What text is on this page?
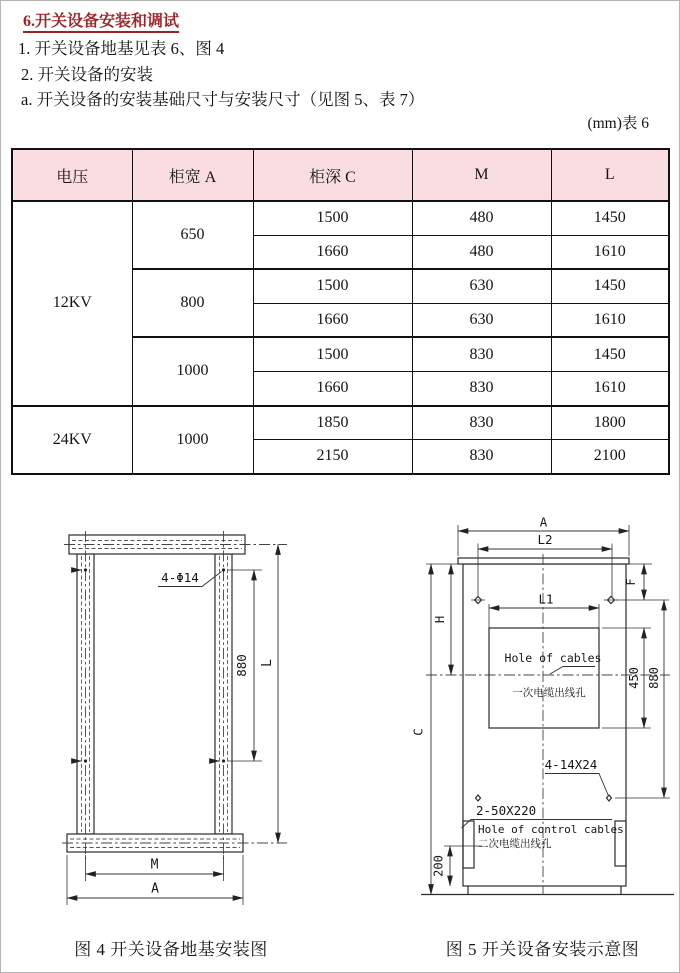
6.开关设备安装和调试
1. 开关设备地基见表 6、图 4
2. 开关设备的安装
a. 开关设备的安装基础尺寸与安装尺寸（见图 5、表 7）
(mm)表 6
电压	柜宽 A	柜深 C	M	L
12KV	650	1500	480	1450
		1660	480	1610
	800	1500	630	1450
		1660	630	1610
	1000	1500	830	1450
		1660	830	1610
24KV	1000	1850	830	1800
		2150	830	2100
4-Φ14
880 L
M
A
A
L2
L1
F
H
C
450 880
200
4-14X24
2-50X220
Hole of cables
一次电缆出线孔
Hole of control cables
二次电缆出线孔
图 4 开关设备地基安装图	图 5 开关设备安装示意图
